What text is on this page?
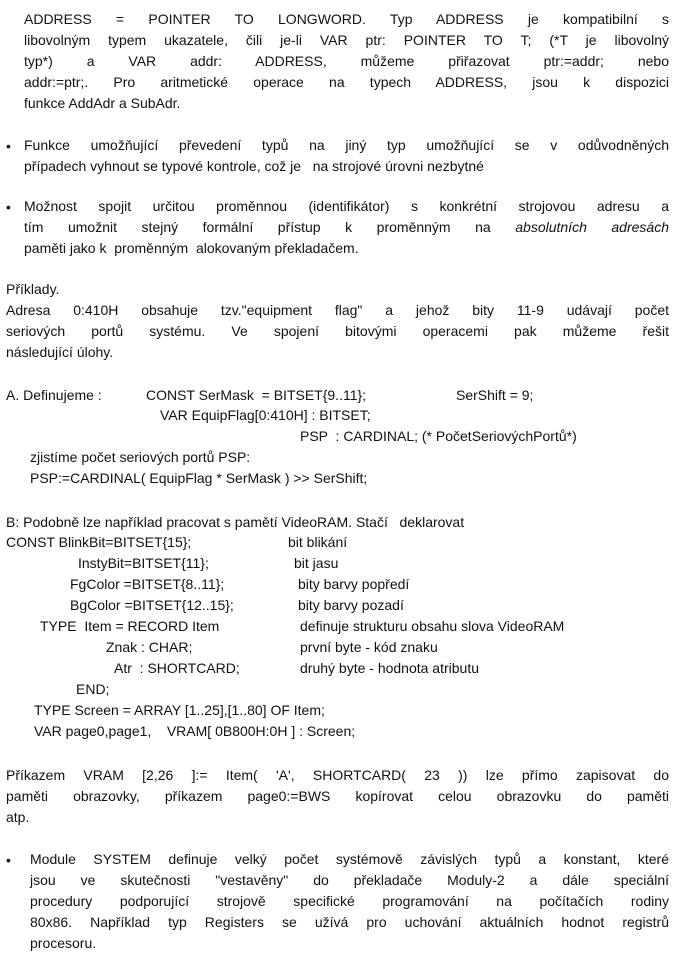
ADDRESS = POINTER TO LONGWORD. Typ ADDRESS je kompatibilní s
libovolným typem ukazatele, čili je-li VAR ptr: POINTER TO T; (*T je libovolný
typ*) a VAR addr: ADDRESS, můžeme přiřazovat ptr:=addr; nebo
addr:=ptr;. Pro aritmetické operace na typech ADDRESS, jsou k dispozici
funkce AddAdr a SubAdr.
• Funkce umožňující převedení typů na jiný typ umožňující se v odůvodněných
případech vyhnout se typové kontrole, což je   na strojové úrovni nezbytné
• Možnost spojit určitou proměnnou (identifikátor) s konkrétní strojovou adresu a
tím umožnit stejný formální přístup k proměnným na absolutních adresách
paměti jako k  proměnným  alokovaným překladačem.
Příklady.
Adresa 0:410H obsahuje tzv."equipment flag" a jehož bity 11-9 udávají počet
seriových portů systému. Ve spojení bitovými operacemi pak můžeme řešit
následující úlohy.
A. Definujeme :	CONST SerMask  = BITSET{9..11};	SerShift = 9;
VAR EquipFlag[0:410H] : BITSET;
PSP  : CARDINAL; (* PočetSeriovýchPortů*)
zjistíme počet seriových portů PSP:
PSP:=CARDINAL( EquipFlag * SerMask ) >> SerShift;
B: Podobně lze například pracovat s pamětí VideoRAM. Stačí   deklarovat
CONST BlinkBit=BITSET{15};	bit blikání
InstyBit=BITSET{11};	bit jasu
FgColor =BITSET{8..11};	bity barvy popředí
BgColor =BITSET{12..15};	bity barvy pozadí
TYPE  Item = RECORD Item	definuje strukturu obsahu slova VideoRAM
Znak : CHAR;	první byte - kód znaku
Atr  : SHORTCARD;	druhý byte - hodnota atributu
END;
TYPE Screen = ARRAY [1..25],[1..80] OF Item;
VAR page0,page1,    VRAM[ 0B800H:0H ] : Screen;
Příkazem VRAM [2,26 ]:= Item( 'A', SHORTCARD( 23 )) lze přímo zapisovat do
paměti obrazovky, příkazem page0:=BWS kopírovat celou obrazovku do paměti
atp.
• Module SYSTEM definuje velký počet systémově závislých typů a konstant, které
jsou ve skutečnosti "vestavěny" do překladače Moduly-2 a dále speciální
procedury podporující strojově specifické programování na počítačích rodiny
80x86. Například typ Registers se užívá pro uchování aktuálních hodnot registrů
procesoru.
